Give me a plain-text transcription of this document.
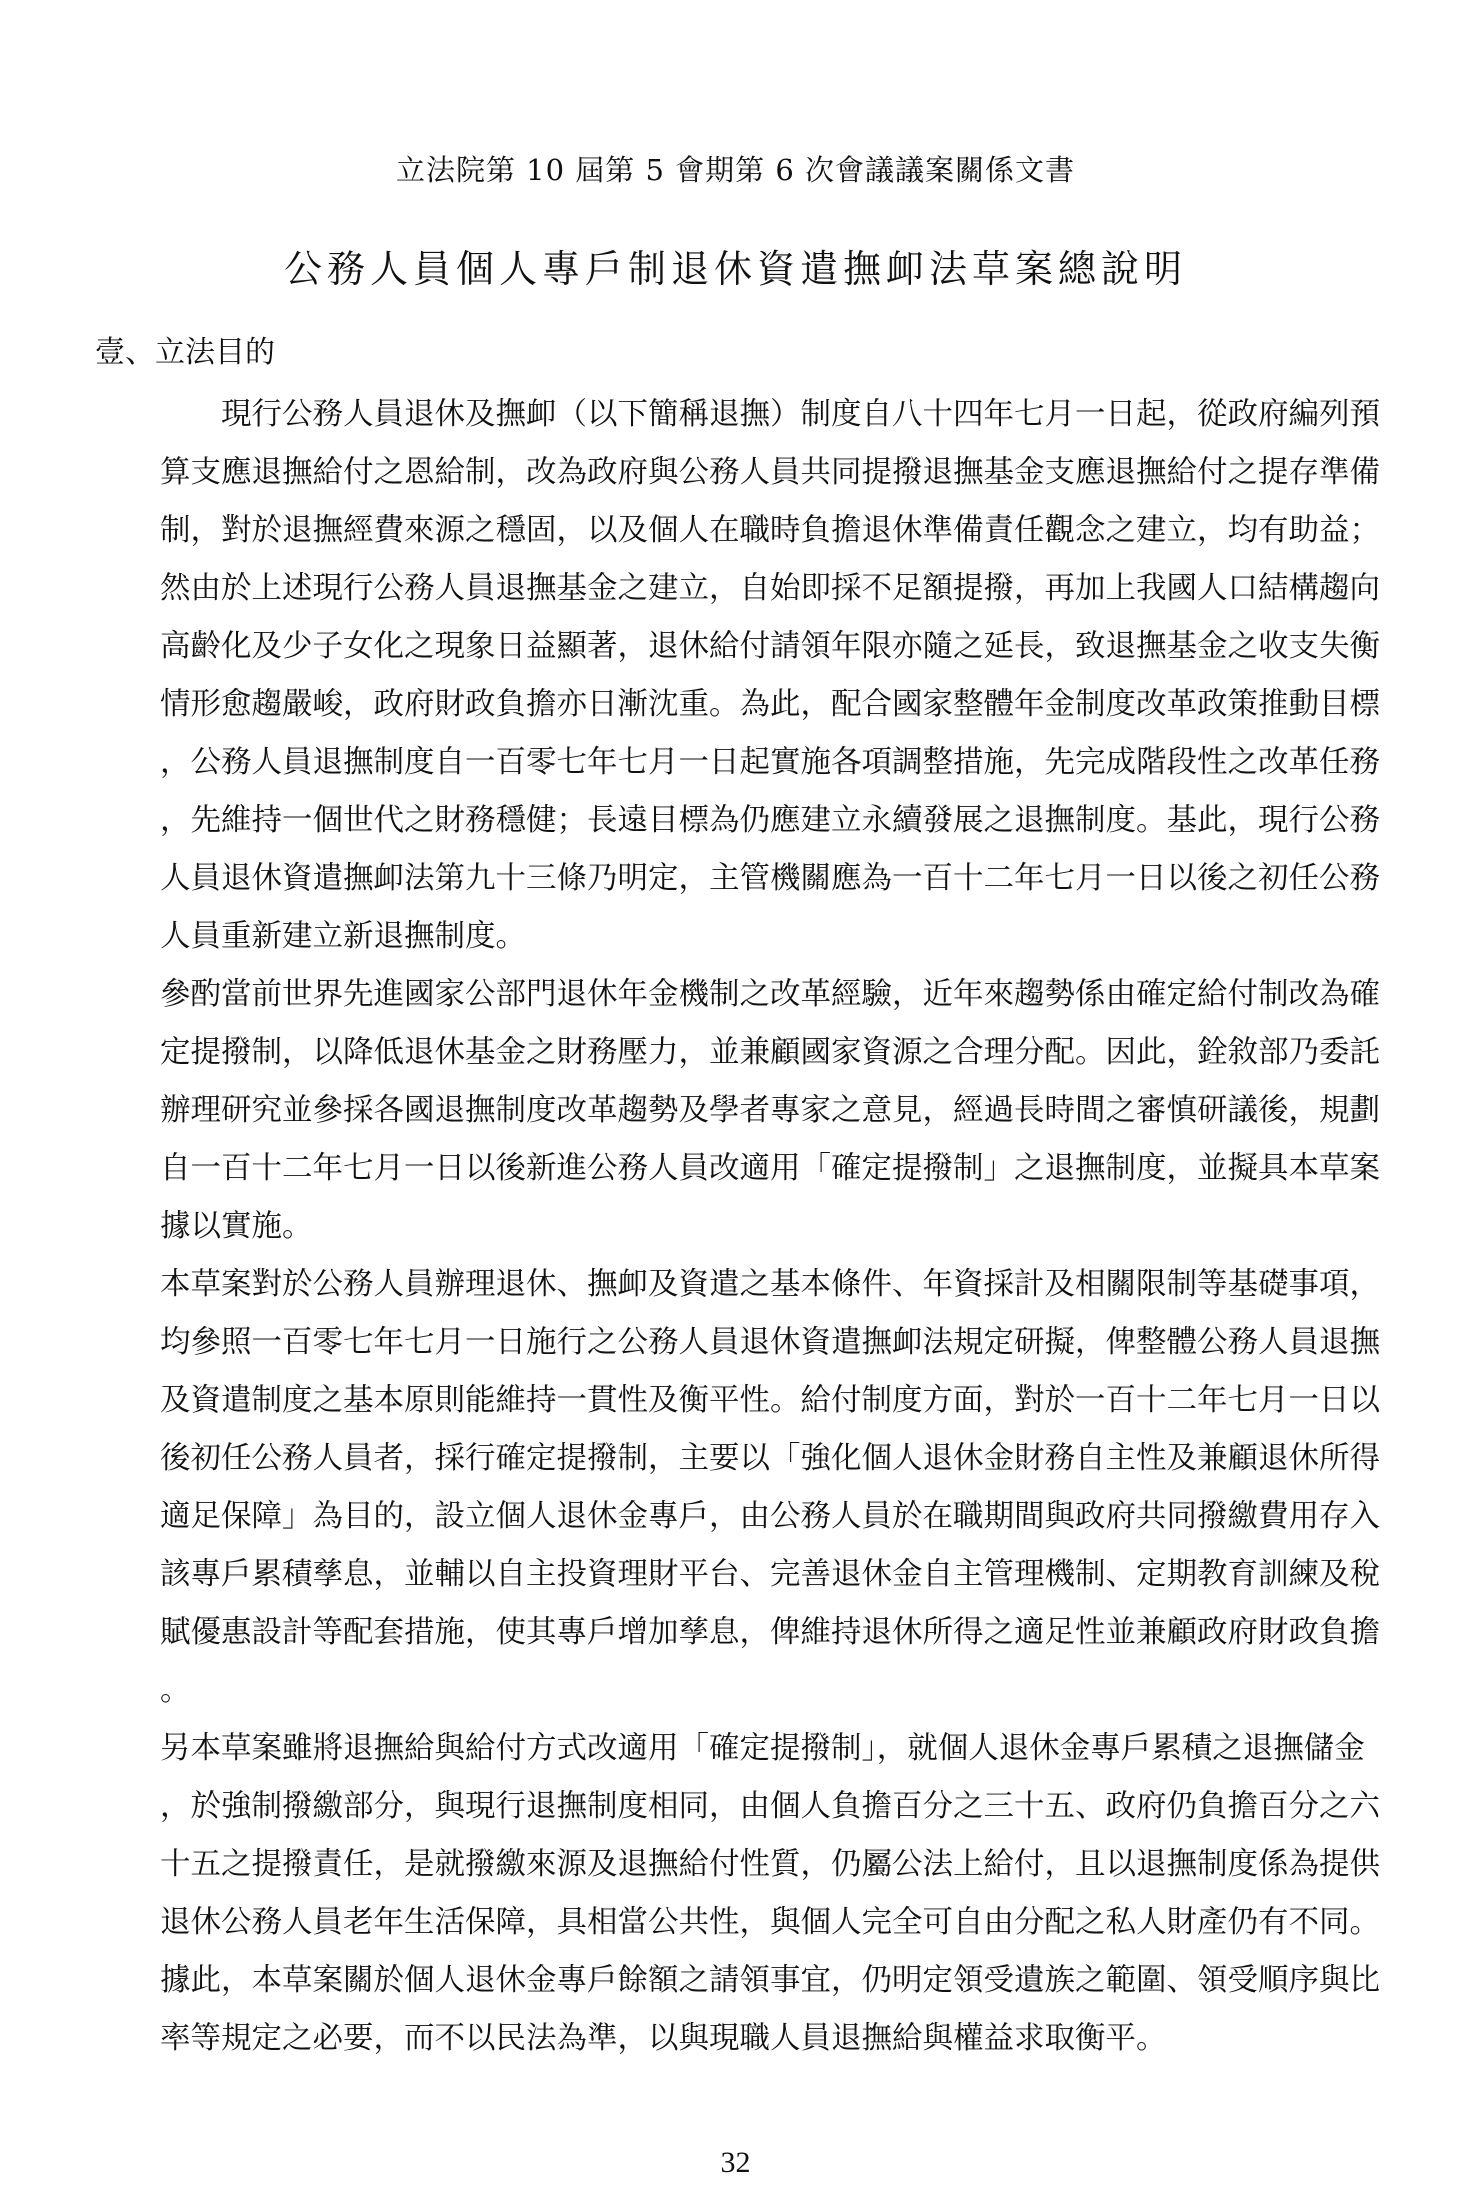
立法院第 10 屆第 5 會期第 6 次會議議案關係文書
公務人員個人專戶制退休資遣撫卹法草案總說明
壹、立法目的
　　現行公務人員退休及撫卹（以下簡稱退撫）制度自八十四年七月一日起，從政府編列預
算支應退撫給付之恩給制，改為政府與公務人員共同提撥退撫基金支應退撫給付之提存準備
制，對於退撫經費來源之穩固，以及個人在職時負擔退休準備責任觀念之建立，均有助益；
然由於上述現行公務人員退撫基金之建立，自始即採不足額提撥，再加上我國人口結構趨向
高齡化及少子女化之現象日益顯著，退休給付請領年限亦隨之延長，致退撫基金之收支失衡
情形愈趨嚴峻，政府財政負擔亦日漸沈重。為此，配合國家整體年金制度改革政策推動目標
，公務人員退撫制度自一百零七年七月一日起實施各項調整措施，先完成階段性之改革任務
，先維持一個世代之財務穩健；長遠目標為仍應建立永續發展之退撫制度。基此，現行公務
人員退休資遣撫卹法第九十三條乃明定，主管機關應為一百十二年七月一日以後之初任公務
人員重新建立新退撫制度。
參酌當前世界先進國家公部門退休年金機制之改革經驗，近年來趨勢係由確定給付制改為確
定提撥制，以降低退休基金之財務壓力，並兼顧國家資源之合理分配。因此，銓敘部乃委託
辦理研究並參採各國退撫制度改革趨勢及學者專家之意見，經過長時間之審慎研議後，規劃
自一百十二年七月一日以後新進公務人員改適用「確定提撥制」之退撫制度，並擬具本草案
據以實施。
本草案對於公務人員辦理退休、撫卹及資遣之基本條件、年資採計及相關限制等基礎事項，
均參照一百零七年七月一日施行之公務人員退休資遣撫卹法規定研擬，俾整體公務人員退撫
及資遣制度之基本原則能維持一貫性及衡平性。給付制度方面，對於一百十二年七月一日以
後初任公務人員者，採行確定提撥制，主要以「強化個人退休金財務自主性及兼顧退休所得
適足保障」為目的，設立個人退休金專戶，由公務人員於在職期間與政府共同撥繳費用存入
該專戶累積孳息，並輔以自主投資理財平台、完善退休金自主管理機制、定期教育訓練及稅
賦優惠設計等配套措施，使其專戶增加孳息，俾維持退休所得之適足性並兼顧政府財政負擔
。
另本草案雖將退撫給與給付方式改適用「確定提撥制」，就個人退休金專戶累積之退撫儲金
，於強制撥繳部分，與現行退撫制度相同，由個人負擔百分之三十五、政府仍負擔百分之六
十五之提撥責任，是就撥繳來源及退撫給付性質，仍屬公法上給付，且以退撫制度係為提供
退休公務人員老年生活保障，具相當公共性，與個人完全可自由分配之私人財產仍有不同。
據此，本草案關於個人退休金專戶餘額之請領事宜，仍明定領受遺族之範圍、領受順序與比
率等規定之必要，而不以民法為準，以與現職人員退撫給與權益求取衡平。
32
